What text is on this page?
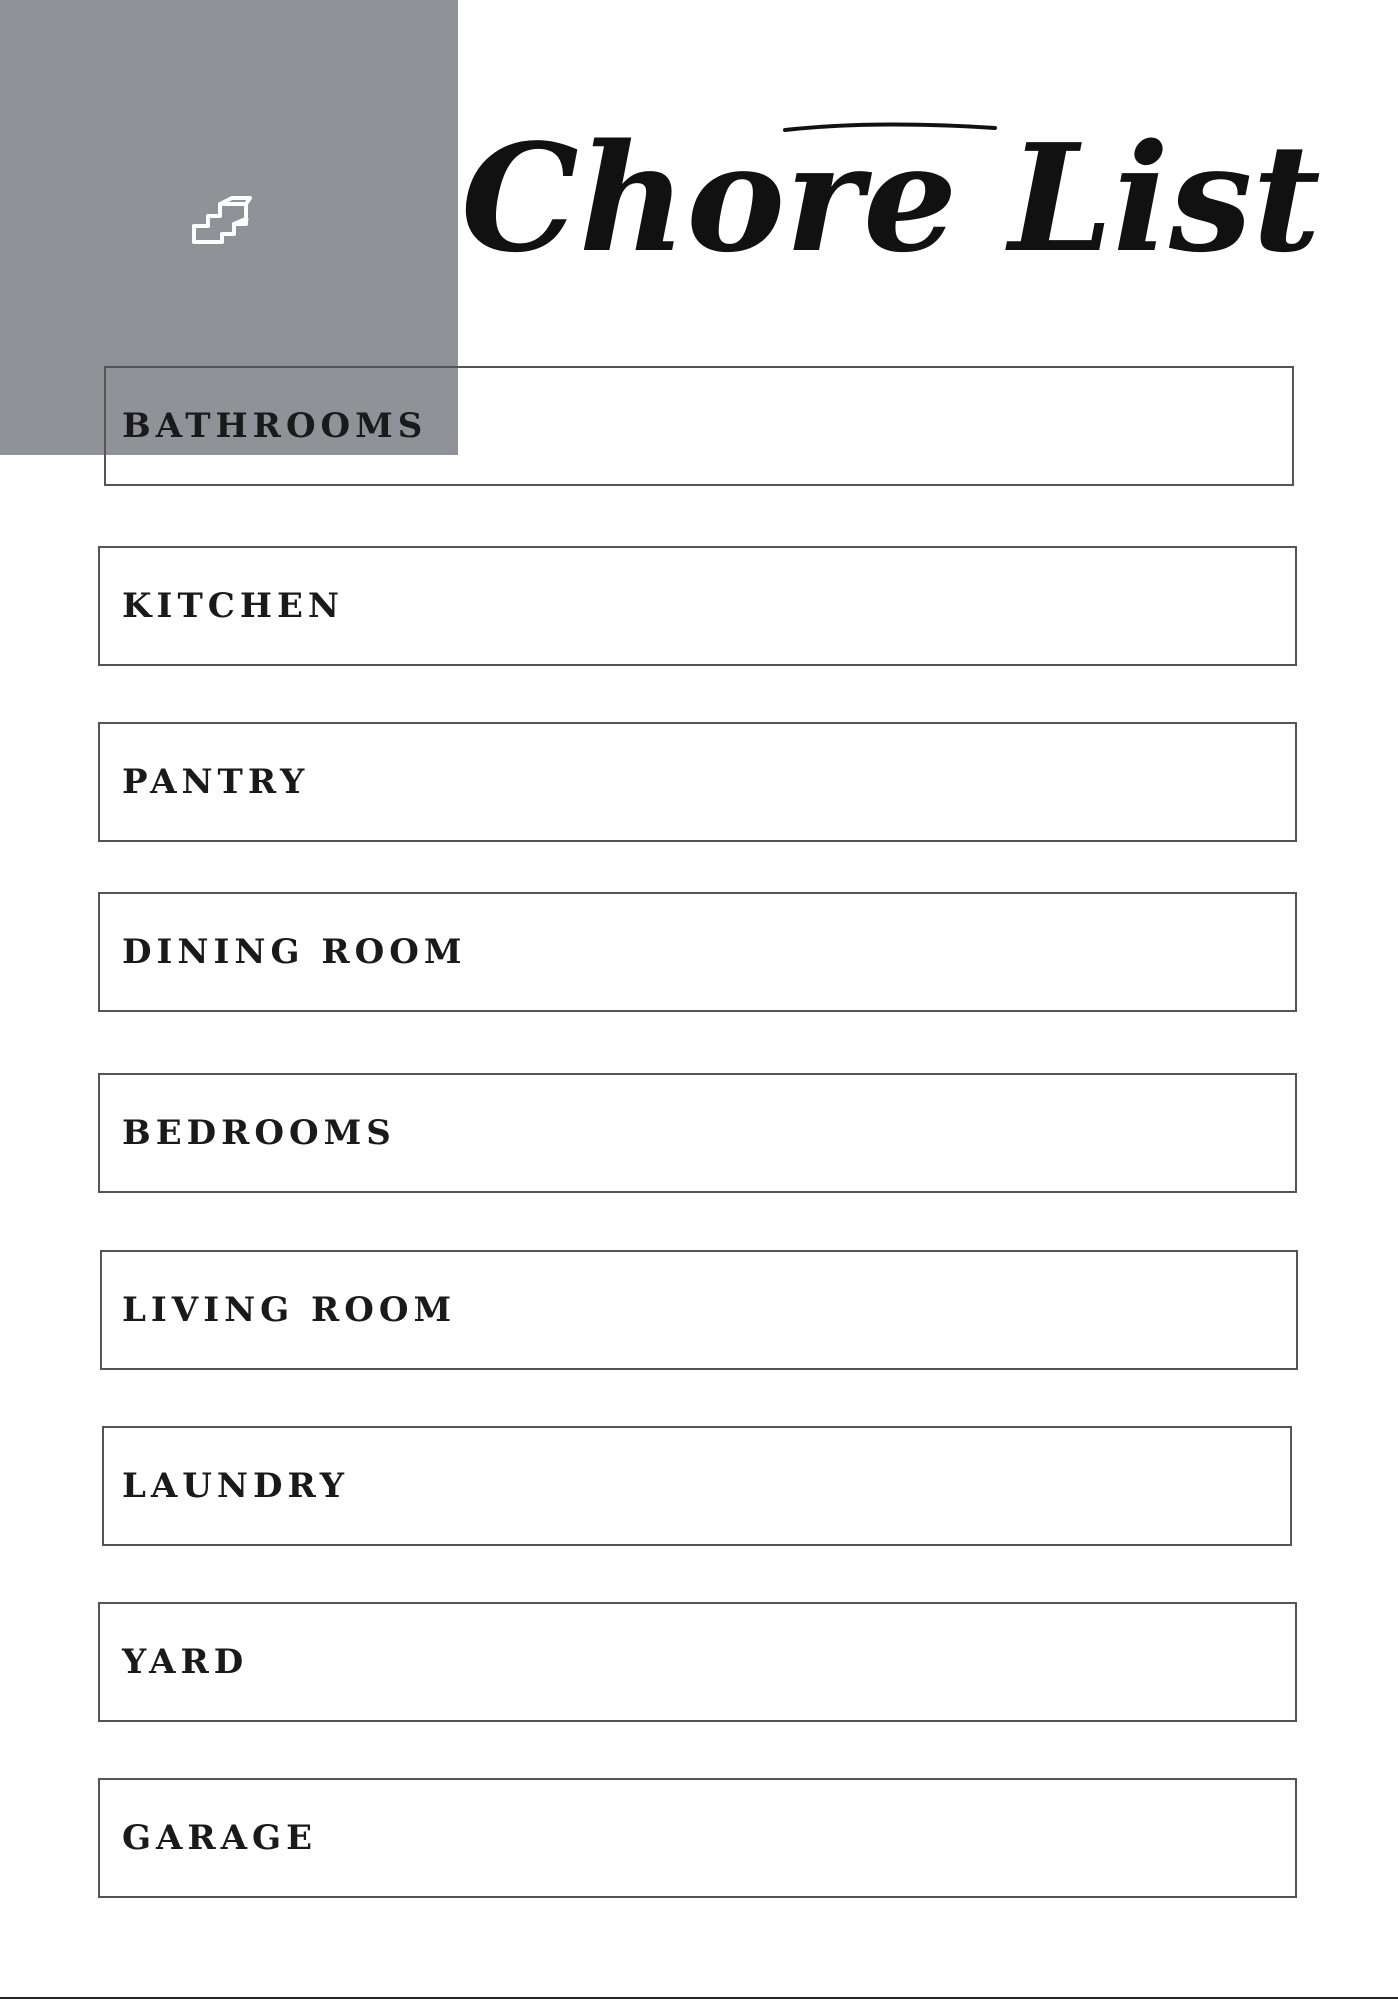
Chore List
BATHROOMS
KITCHEN
PANTRY
DINING ROOM
BEDROOMS
LIVING ROOM
LAUNDRY
YARD
GARAGE
